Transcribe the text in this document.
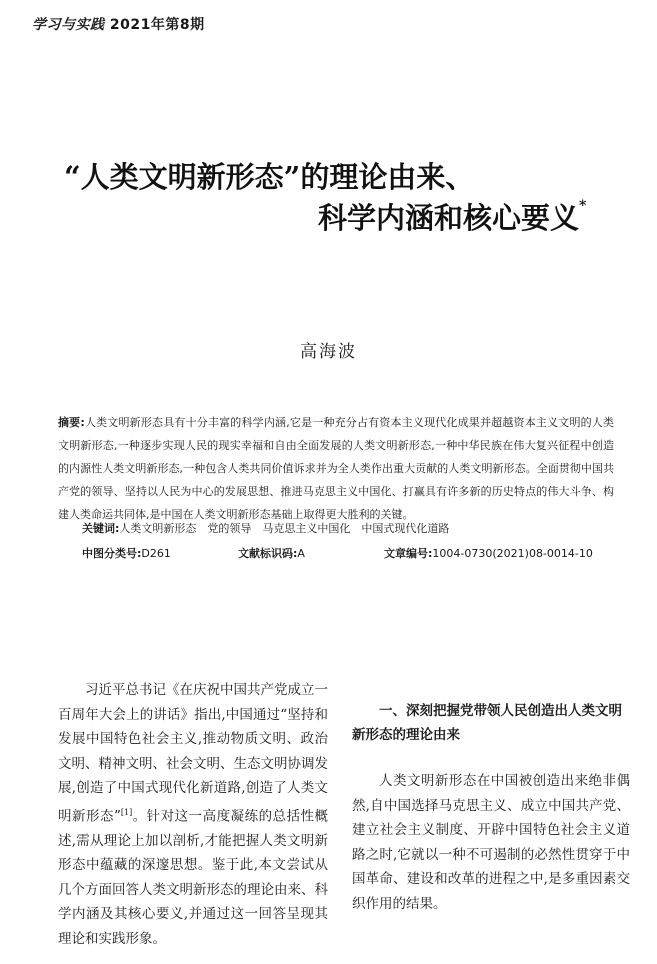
学习与实践 2021年第8期
“人类文明新形态”的理论由来、
科学内涵和核心要义*
高海波
摘要:人类文明新形态具有十分丰富的科学内涵,它是一种充分占有资本主义现代化成果并超越资本主义文明的人类文明新形态,一种逐步实现人民的现实幸福和自由全面发展的人类文明新形态,一种中华民族在伟大复兴征程中创造的内源性人类文明新形态,一种包含人类共同价值诉求并为全人类作出重大贡献的人类文明新形态。全面贯彻中国共产党的领导、坚持以人民为中心的发展思想、推进马克思主义中国化、打赢具有许多新的历史特点的伟大斗争、构建人类命运共同体,是中国在人类文明新形态基础上取得更大胜利的关键。
关键词:人类文明新形态　党的领导　马克思主义中国化　中国式现代化道路
中图分类号:D261	文献标识码:A	文章编号:1004-0730(2021)08-0014-10
习近平总书记《在庆祝中国共产党成立一百周年大会上的讲话》指出,中国通过“坚持和发展中国特色社会主义,推动物质文明、政治文明、精神文明、社会文明、生态文明协调发展,创造了中国式现代化新道路,创造了人类文明新形态”[1]。针对这一高度凝练的总括性概述,需从理论上加以剖析,才能把握人类文明新形态中蕴藏的深邃思想。鉴于此,本文尝试从几个方面回答人类文明新形态的理论由来、科学内涵及其核心要义,并通过这一回答呈现其理论和实践形象。
一、深刻把握党带领人民创造出人类文明新形态的理论由来
人类文明新形态在中国被创造出来绝非偶然,自中国选择马克思主义、成立中国共产党、建立社会主义制度、开辟中国特色社会主义道路之时,它就以一种不可遏制的必然性贯穿于中国革命、建设和改革的进程之中,是多重因素交织作用的结果。
